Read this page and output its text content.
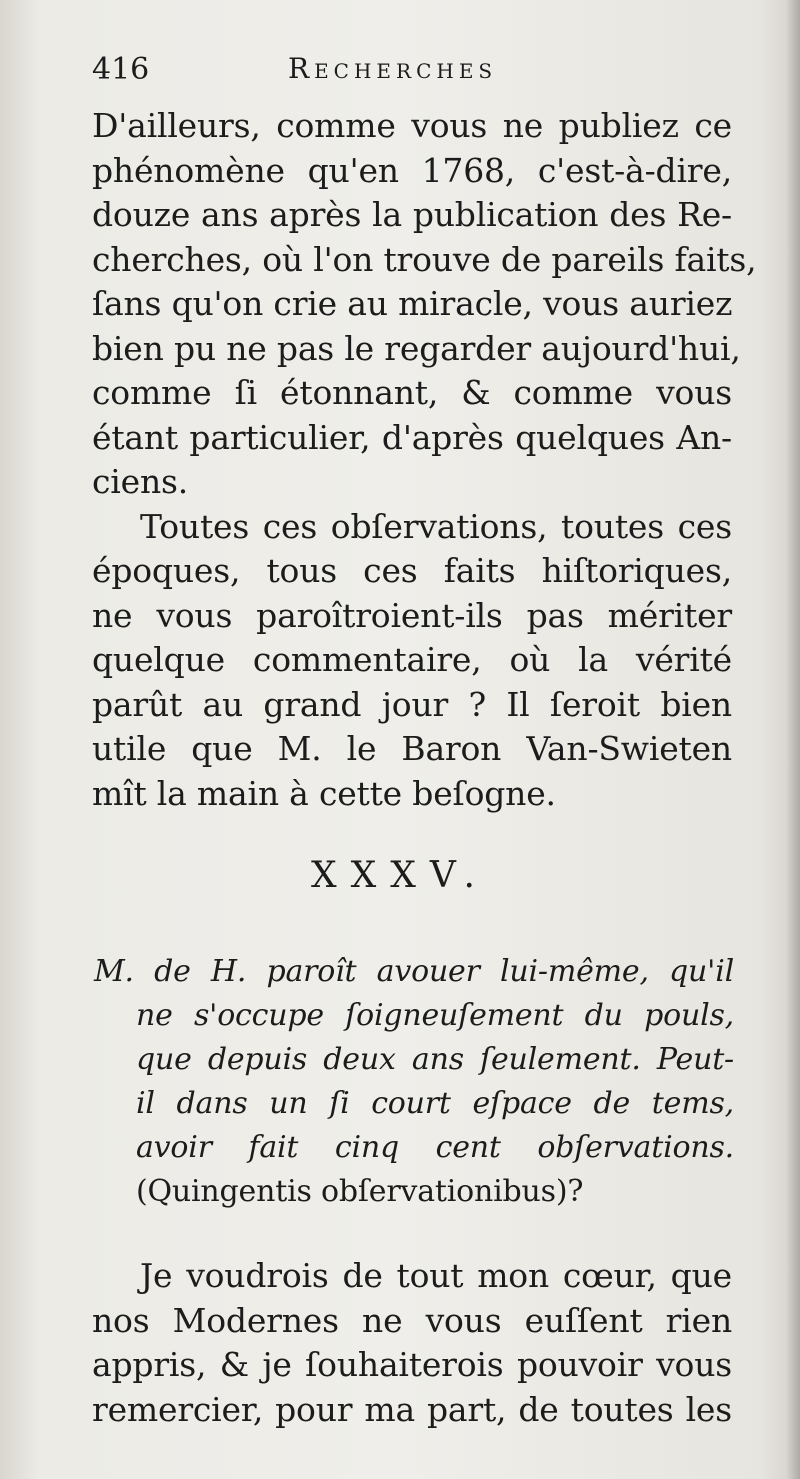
416	Recherches
D'ailleurs, comme vous ne publiez ce
phénomène qu'en 1768, c'est-à-dire,
douze ans après la publication des Re-
cherches, où l'on trouve de pareils faits,
ſans qu'on crie au miracle, vous auriez
bien pu ne pas le regarder aujourd'hui,
comme ſi étonnant, & comme vous
étant particulier, d'après quelques An-
ciens.
Toutes ces obſervations, toutes ces
époques, tous ces faits hiſtoriques,
ne vous paroîtroient-ils pas mériter
quelque commentaire, où la vérité
parût au grand jour ? Il ſeroit bien
utile que M. le Baron Van-Swieten
mît la main à cette beſogne.
XXXV.
M. de H. paroît avouer lui-même, qu'il
ne s'occupe ſoigneuſement du pouls,
que depuis deux ans ſeulement. Peut-
il dans un ſi court eſpace de tems,
avoir fait cinq cent obſervations.
(Quingentis obſervationibus)?
Je voudrois de tout mon cœur, que
nos Modernes ne vous euſſent rien
appris, & je ſouhaiterois pouvoir vous
remercier, pour ma part, de toutes les
